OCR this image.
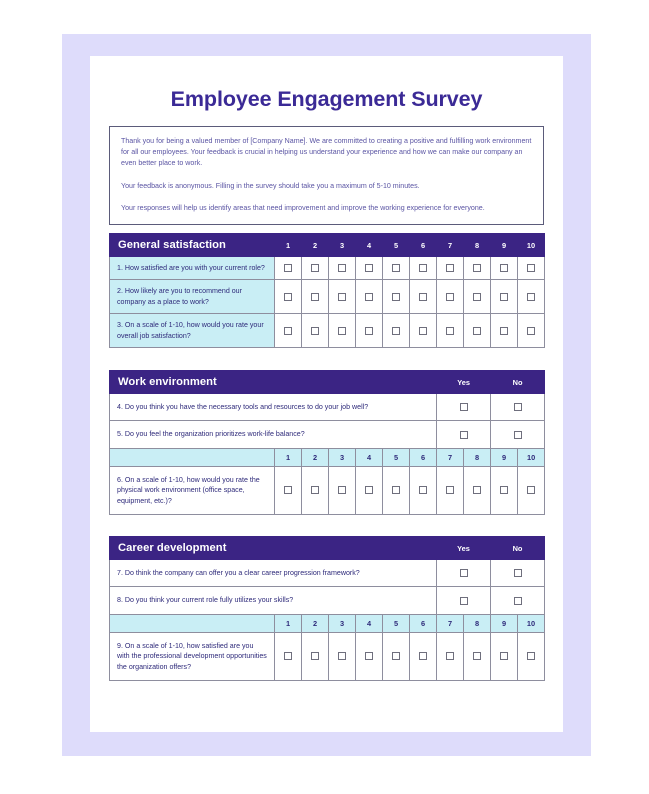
Employee Engagement Survey

Thank you for being a valued member of [Company Name]. We are committed to creating a positive and fulfilling work environment for all our employees. Your feedback is crucial in helping us understand your experience and how we can make our company an even better place to work.

Your feedback is anonymous. Filling in the survey should take you a maximum of 5-10 minutes.

Your responses will help us identify areas that need improvement and improve the working experience for everyone.

General satisfaction	1	2	3	4	5	6	7	8	9	10
1. How satisfied are you with your current role?										
2. How likely are you to recommend our company as a place to work?										
3. On a scale of 1-10, how would you rate your overall job satisfaction?										
Work environment							Yes		No	
4. Do you think you have the necessary tools and resources to do your job well?										
5. Do you feel the organization prioritizes work-life balance?										
	1	2	3	4	5	6	7	8	9	10
6. On a scale of 1-10, how would you rate the physical work environment (office space, equipment, etc.)?										
Career development							Yes		No	
7. Do think the company can offer you a clear career progression framework?										
8. Do you think your current role fully utilizes your skills?										
	1	2	3	4	5	6	7	8	9	10
9. On a scale of 1-10, how satisfied are you with the professional development opportunities the organization offers?										
